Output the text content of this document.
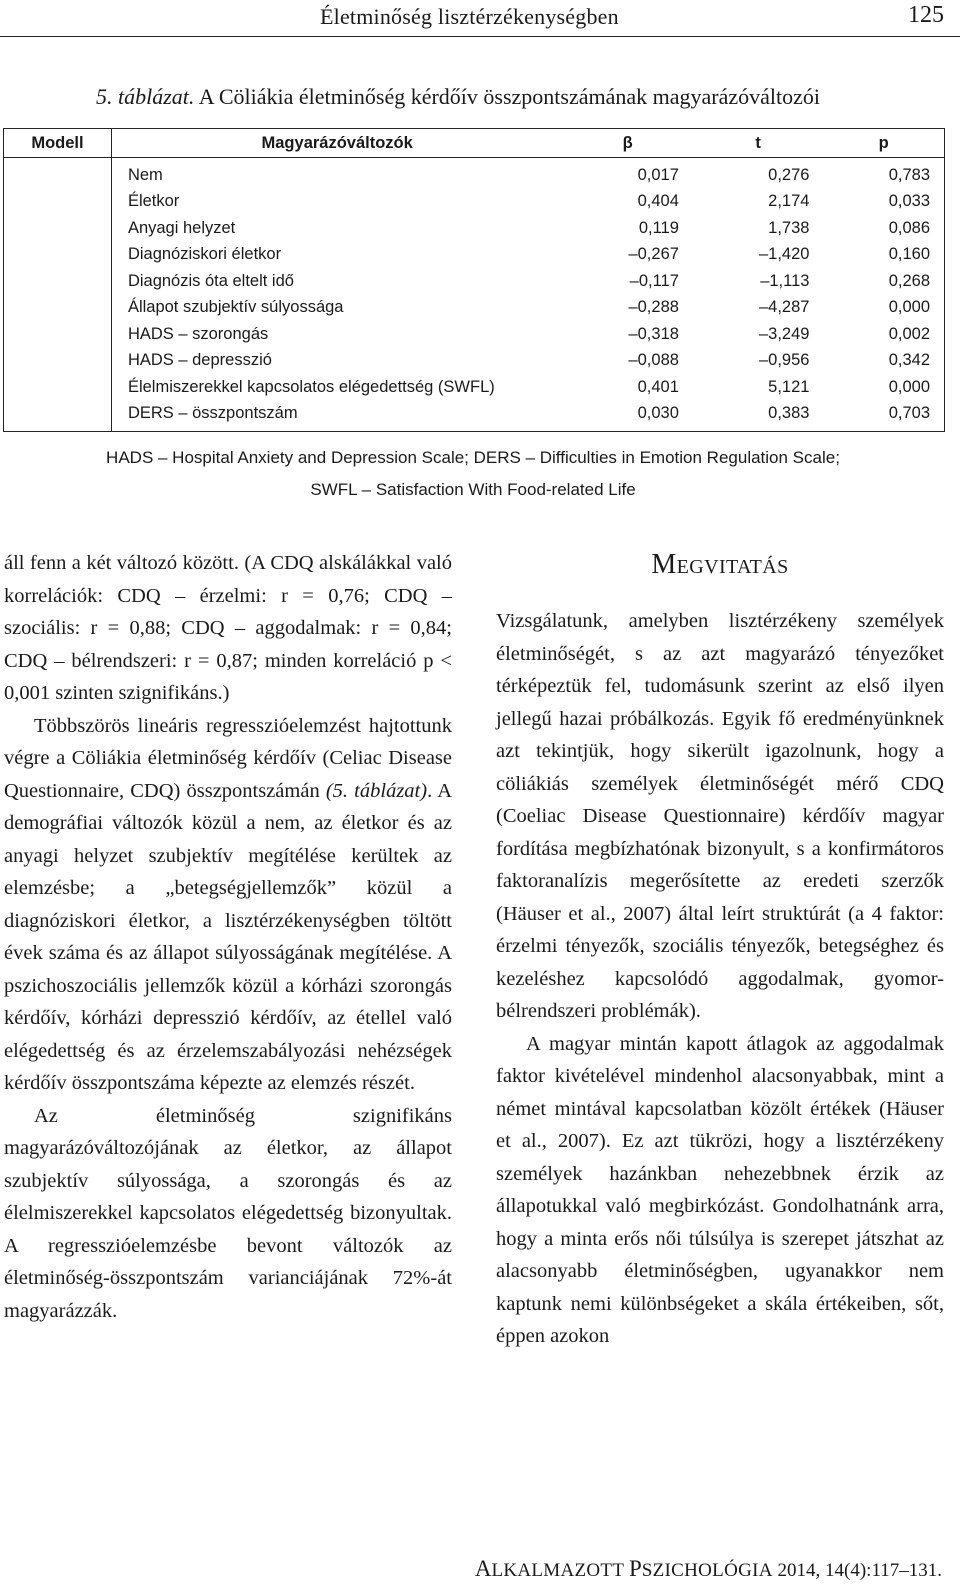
Életminőség lisztérzékenységben	125
5. táblázat. A Cöliákia életminőség kérdőív összpontszámának magyarázóváltozói
Modell	Magyarázóváltozók	β	t	p
	Nem	0,017	0,276	0,783
	Életkor	0,404	2,174	0,033
	Anyagi helyzet	0,119	1,738	0,086
	Diagnóziskori életkor	–0,267	–1,420	0,160
	Diagnózis óta eltelt idő	–0,117	–1,113	0,268
	Állapot szubjektív súlyossága	–0,288	–4,287	0,000
	HADS – szorongás	–0,318	–3,249	0,002
	HADS – depresszió	–0,088	–0,956	0,342
	Élelmiszerekkel kapcsolatos elégedettség (SWFL)	0,401	5,121	0,000
	DERS – összpontszám	0,030	0,383	0,703
HADS – Hospital Anxiety and Depression Scale; DERS – Difficulties in Emotion Regulation Scale;
SWFL – Satisfaction With Food-related Life

áll fenn a két változó között. (A CDQ alskálákkal való korrelációk: CDQ – érzelmi: r = 0,76; CDQ – szociális: r = 0,88; CDQ – aggodalmak: r = 0,84; CDQ – bélrendszeri: r = 0,87; minden korreláció p < 0,001 szinten szignifikáns.)

Többszörös lineáris regresszióelemzést hajtottunk végre a Cöliákia életminőség kérdőív (Celiac Disease Questionnaire, CDQ) összpontszámán (5. táblázat). A demográfiai változók közül a nem, az életkor és az anyagi helyzet szubjektív megítélése kerültek az elemzésbe; a „betegségjellemzők” közül a diagnóziskori életkor, a lisztérzékenységben töltött évek száma és az állapot súlyosságának megítélése. A pszichoszociális jellemzők közül a kórházi szorongás kérdőív, kórházi depresszió kérdőív, az étellel való elégedettség és az érzelemszabályozási nehézségek kérdőív összpontszáma képezte az elemzés részét.

Az életminőség szignifikáns magyarázóváltozójának az életkor, az állapot szubjektív súlyossága, a szorongás és az élelmiszerekkel kapcsolatos elégedettség bizonyultak. A regresszióelemzésbe bevont változók az életminőség-összpontszám varianciájának 72%-át magyarázzák.

MEGVITATÁS

Vizsgálatunk, amelyben lisztérzékeny személyek életminőségét, s az azt magyarázó tényezőket térképeztük fel, tudomásunk szerint az első ilyen jellegű hazai próbálkozás. Egyik fő eredményünknek azt tekintjük, hogy sikerült igazolnunk, hogy a cöliákiás személyek életminőségét mérő CDQ (Coeliac Disease Questionnaire) kérdőív magyar fordítása megbízhatónak bizonyult, s a konfirmátoros faktoranalízis megerősítette az eredeti szerzők (Häuser et al., 2007) által leírt struktúrát (a 4 faktor: érzelmi tényezők, szociális tényezők, betegséghez és kezeléshez kapcsolódó aggodalmak, gyomor-bélrendszeri problémák).

A magyar mintán kapott átlagok az aggodalmak faktor kivételével mindenhol alacsonyabbak, mint a német mintával kapcsolatban közölt értékek (Häuser et al., 2007). Ez azt tükrözi, hogy a lisztérzékeny személyek hazánkban nehezebbnek érzik az állapotukkal való megbirkózást. Gondolhatnánk arra, hogy a minta erős női túlsúlya is szerepet játszhat az alacsonyabb életminőségben, ugyanakkor nem kaptunk nemi különbségeket a skála értékeiben, sőt, éppen azokon

ALKALMAZOTT PSZICHOLÓGIA 2014, 14(4):117–131.
